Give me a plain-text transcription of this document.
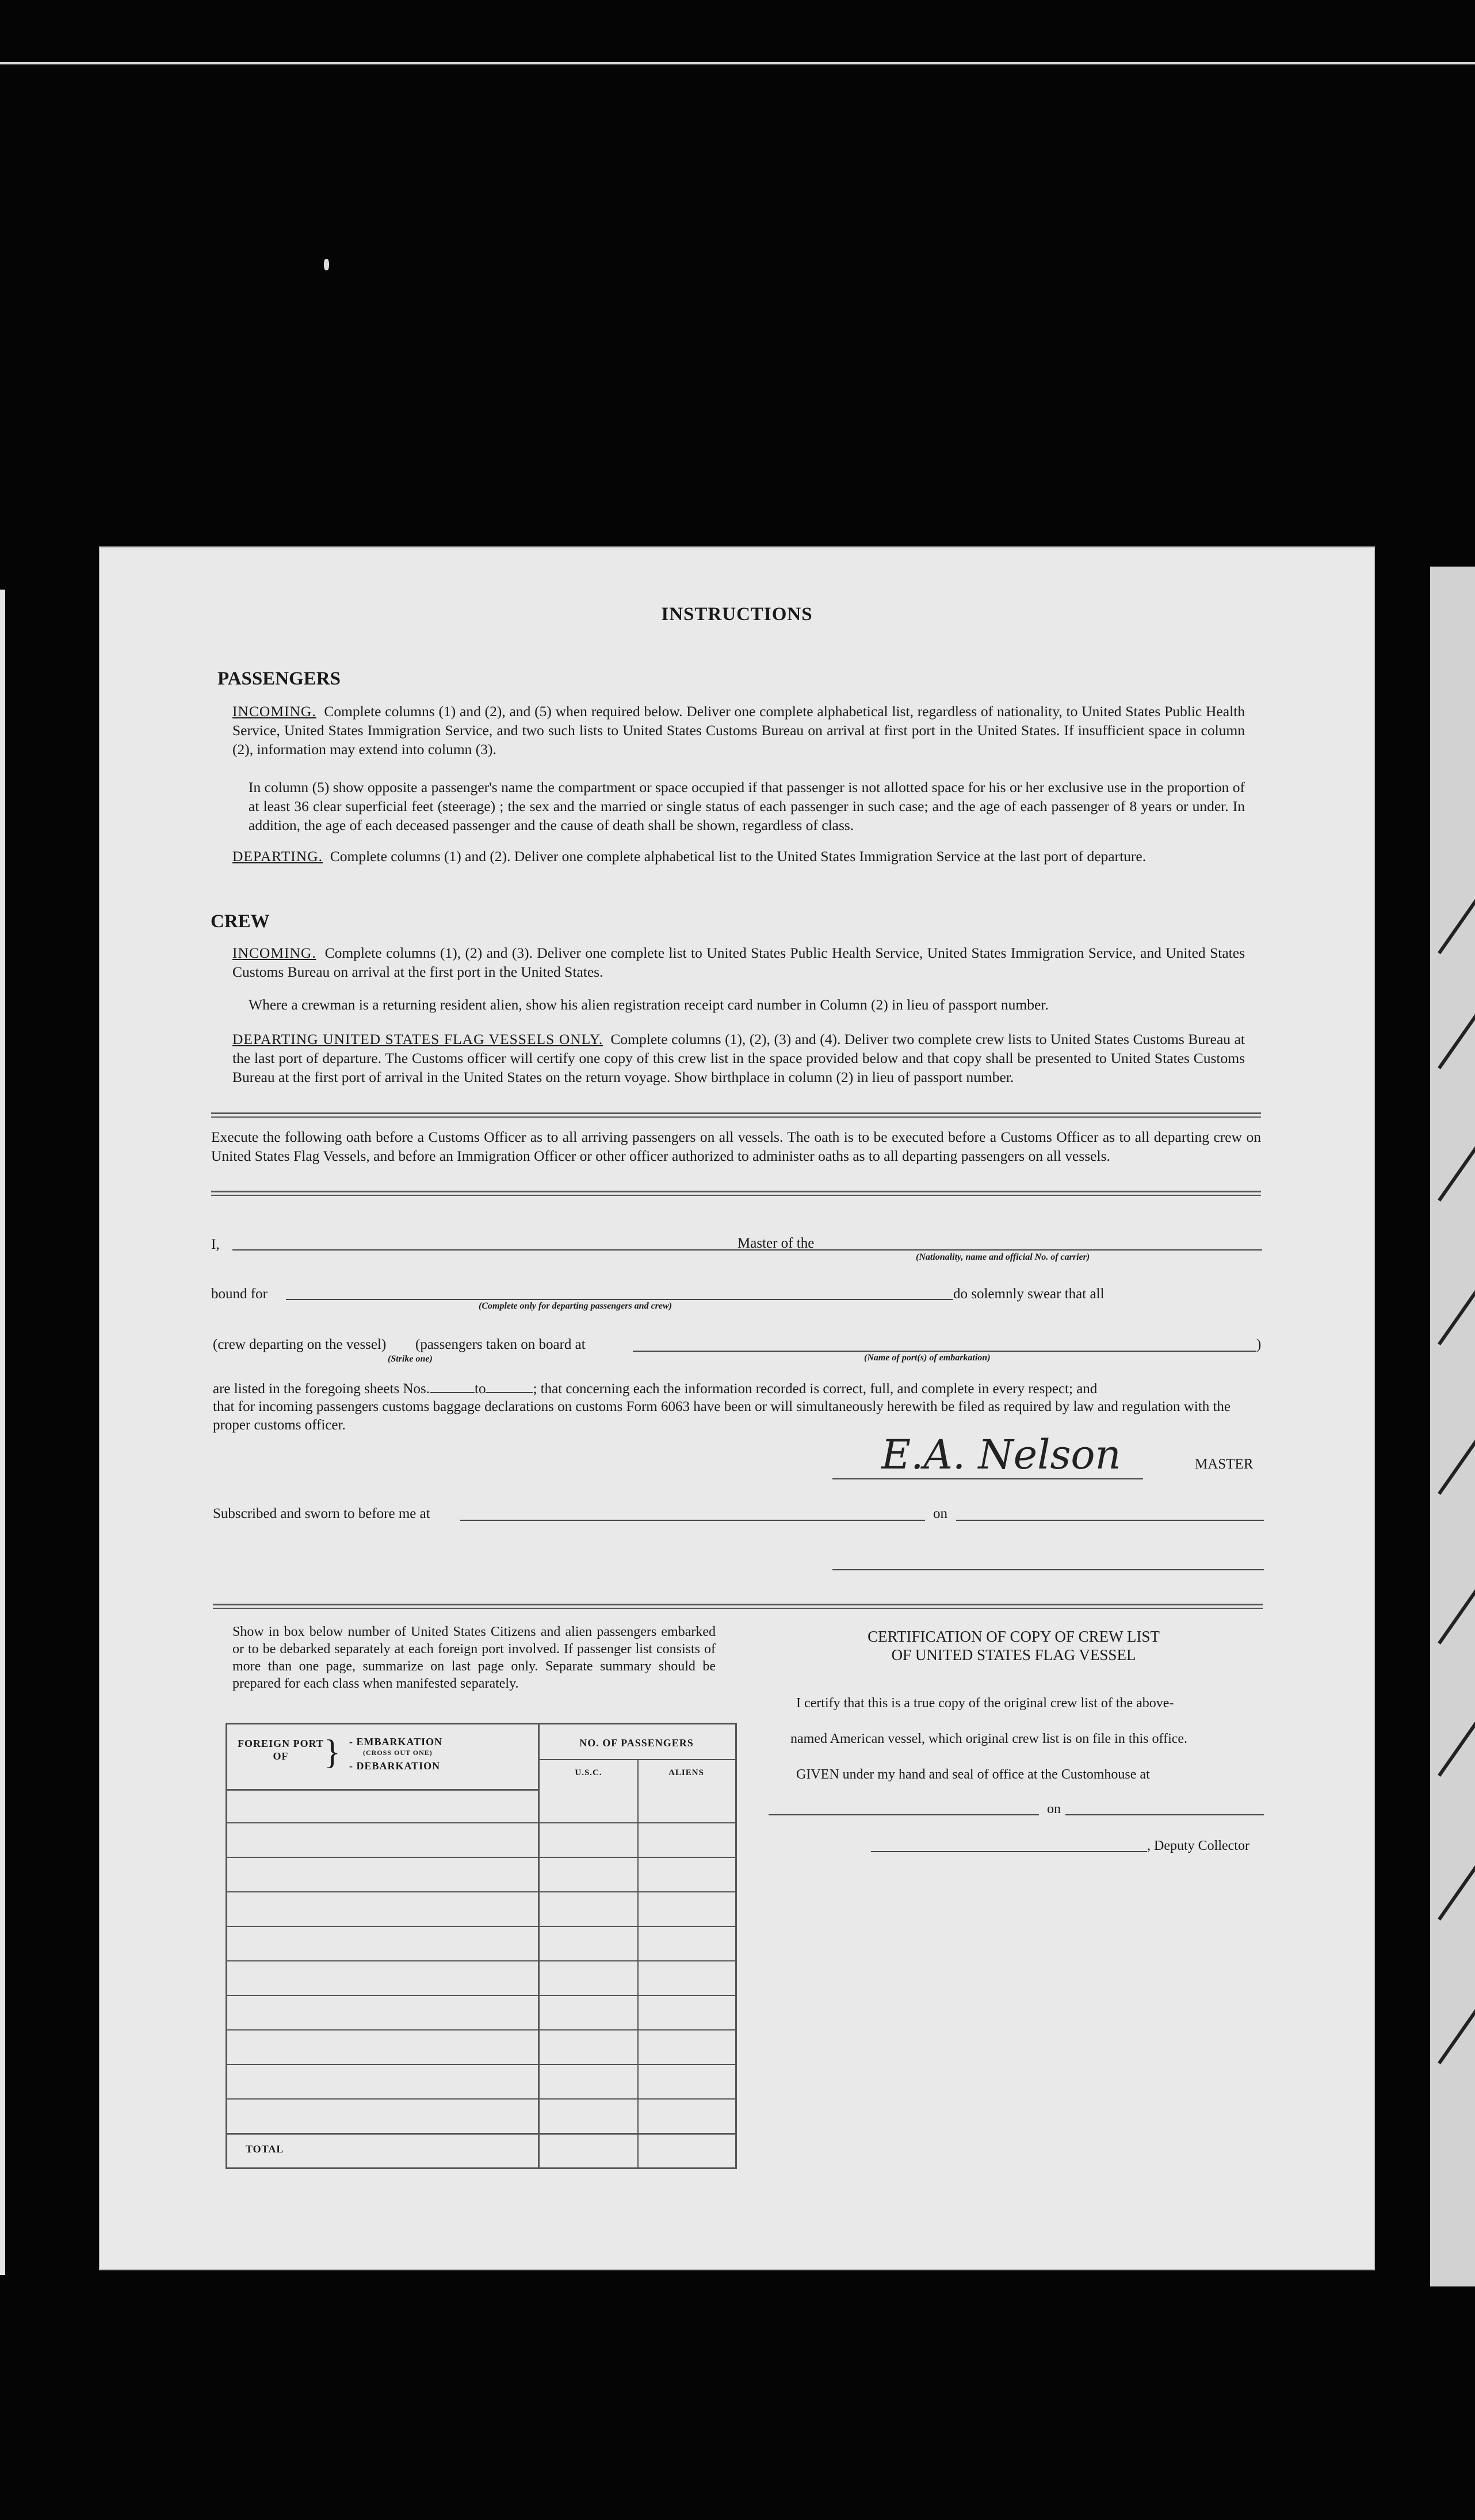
INSTRUCTIONS
PASSENGERS
INCOMING. Complete columns (1) and (2), and (5) when required below. Deliver one complete alphabetical list, regardless of nationality, to United States Public Health Service, United States Immigration Service, and two such lists to United States Customs Bureau on arrival at first port in the United States. If insufficient space in column (2), information may extend into column (3).
In column (5) show opposite a passenger's name the compartment or space occupied if that passenger is not allotted space for his or her exclusive use in the proportion of at least 36 clear superficial feet (steerage) ; the sex and the married or single status of each passenger in such case; and the age of each passenger of 8 years or under. In addition, the age of each deceased passenger and the cause of death shall be shown, regardless of class.
DEPARTING. Complete columns (1) and (2). Deliver one complete alphabetical list to the United States Immigration Service at the last port of departure.
CREW
INCOMING. Complete columns (1), (2) and (3). Deliver one complete list to United States Public Health Service, United States Immigration Service, and United States Customs Bureau on arrival at the first port in the United States.
Where a crewman is a returning resident alien, show his alien registration receipt card number in Column (2) in lieu of passport number.
DEPARTING UNITED STATES FLAG VESSELS ONLY. Complete columns (1), (2), (3) and (4). Deliver two complete crew lists to United States Customs Bureau at the last port of departure. The Customs officer will certify one copy of this crew list in the space provided below and that copy shall be presented to United States Customs Bureau at the first port of arrival in the United States on the return voyage. Show birthplace in column (2) in lieu of passport number.
Execute the following oath before a Customs Officer as to all arriving passengers on all vessels. The oath is to be executed before a Customs Officer as to all departing crew on United States Flag Vessels, and before an Immigration Officer or other officer authorized to administer oaths as to all departing passengers on all vessels.
I,	Master of the
(Nationality, name and official No. of carrier)
bound for	do solemnly swear that all
(Complete only for departing passengers and crew)
(crew departing on the vessel) (passengers taken on board at	)
(Strike one)	(Name of port(s) of embarkation)
are listed in the foregoing sheets Nos.	to	; that concerning each the information recorded is correct, full, and complete in every respect; and
that for incoming passengers customs baggage declarations on customs Form 6063 have been or will simultaneously herewith be filed as required by law and regulation with the proper customs officer.
E.A. Nelson	MASTER
Subscribed and sworn to before me at	on
Show in box below number of United States Citizens and alien passengers embarked or to be debarked separately at each foreign port involved. If passenger list consists of more than one page, summarize on last page only. Separate summary should be prepared for each class when manifested separately.
FOREIGN PORT OF	} - EMBARKATION
(CROSS OUT ONE)
- DEBARKATION
NO. OF PASSENGERS
U.S.C.	ALIENS
TOTAL
CERTIFICATION OF COPY OF CREW LIST
OF UNITED STATES FLAG VESSEL
I certify that this is a true copy of the original crew list of the above-
named American vessel, which original crew list is on file in this office.
GIVEN under my hand and seal of office at the Customhouse at
on
, Deputy Collector
